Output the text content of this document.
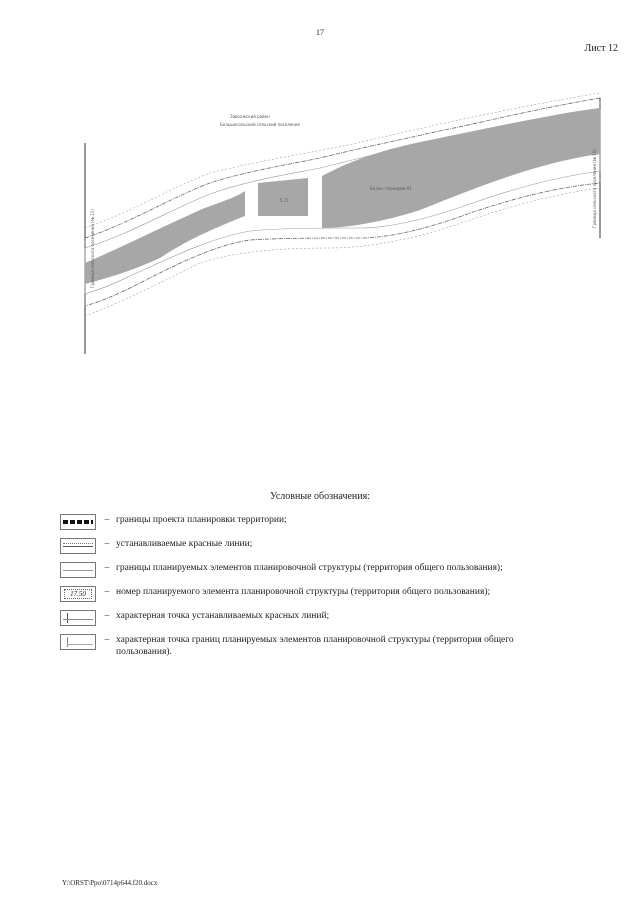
17
Лист 12
Заволжский район
Большесольский сельский поселение
5.71
Ботан. планиров.01
Граница сельского поселения (№ 11)
Граница сельского поселения (№ 10)
Условные обозначения:
– границы проекта планировки территории;
– устанавливаемые красные линии;
– границы планируемых элементов планировочной структуры (территория общего пользования);
17.50	– номер планируемого элемента планировочной структуры (территория общего пользования);
– характерная точка устанавливаемых красных линий;
– характерная точка границ планируемых элементов планировочной структуры (территория общего пользования).
Y:\ORST\Ppo\0714p644.f20.docx
